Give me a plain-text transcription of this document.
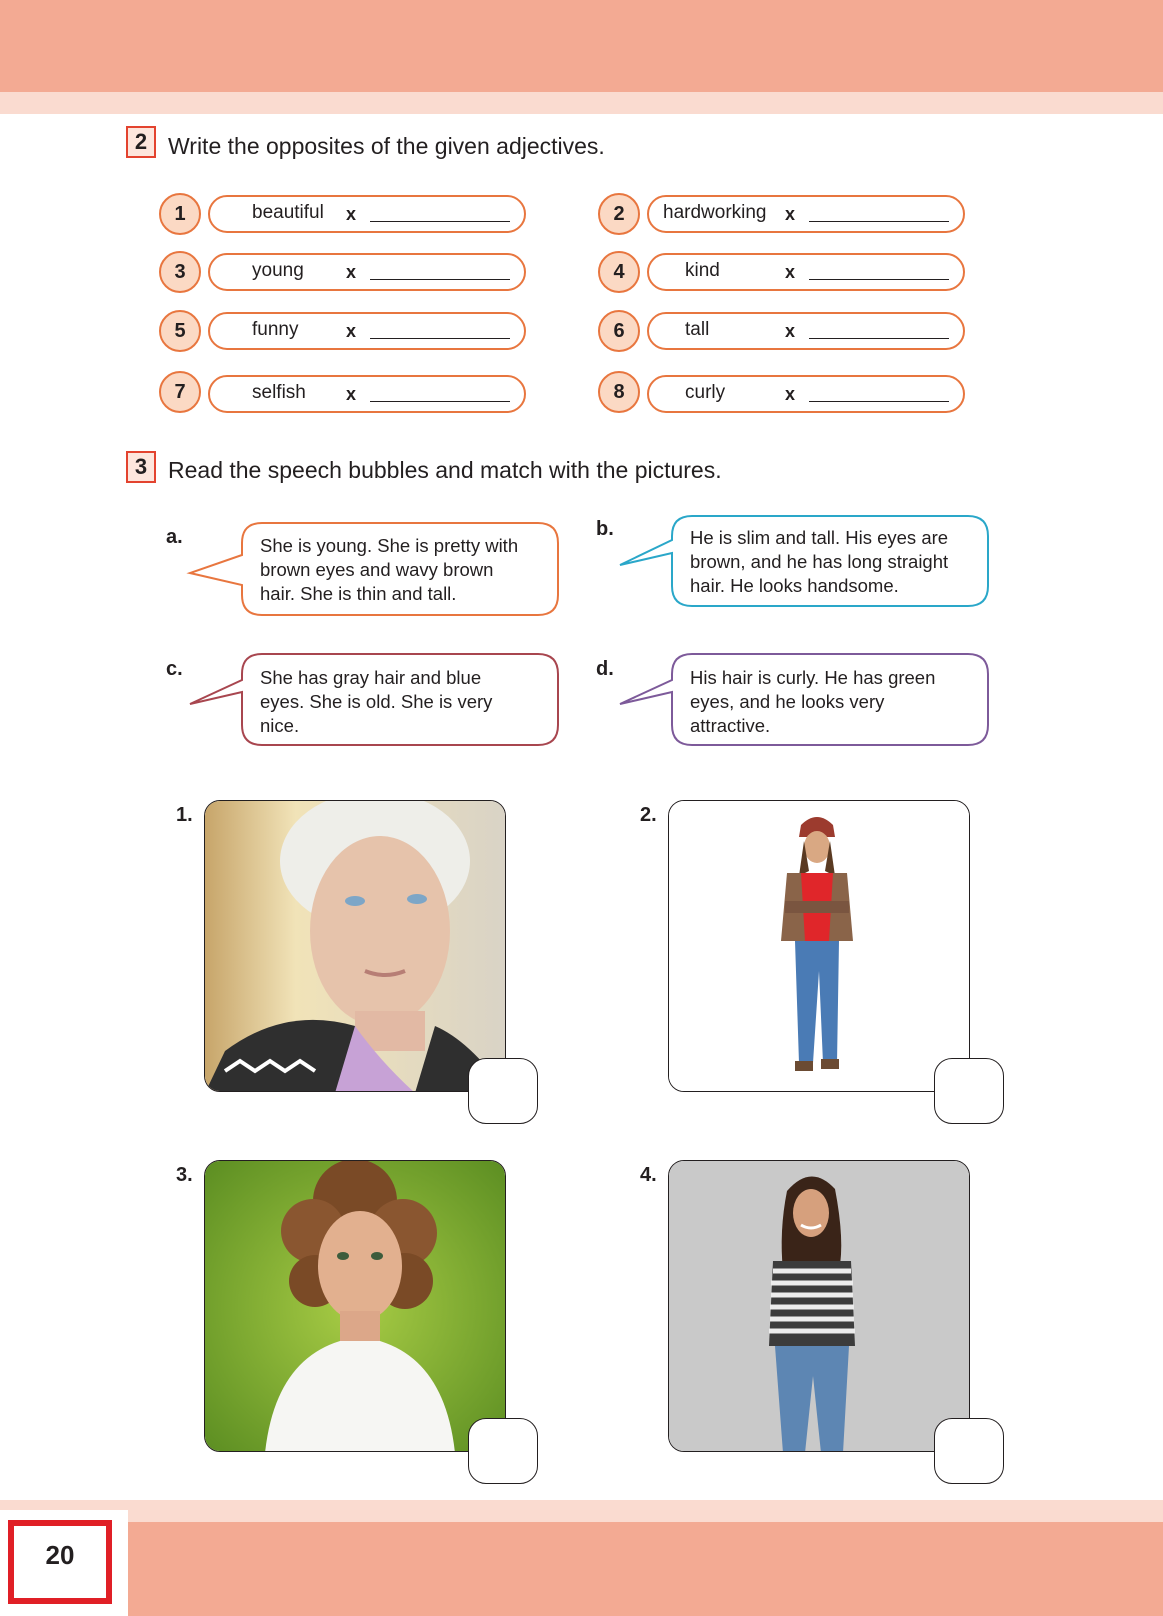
20
2 Write the opposites of the given adjectives.
1	beautiful x
3	young x
5	funny	x
7	selfish x
2	hardworking x
4	kind	x
6	tall	x
8	curly	x
3 Read the speech bubbles and match with the pictures.
a.	She is young. She is pretty with
brown eyes and wavy brown
hair. She is thin and tall.
b.	He is slim and tall. His eyes are
brown, and he has long straight
hair. He looks handsome.
c.	She has gray hair and blue
eyes. She is old. She is very
nice.
d.	His hair is curly. He has green
eyes, and he looks very
attractive.
1.	2.
3.	4.
